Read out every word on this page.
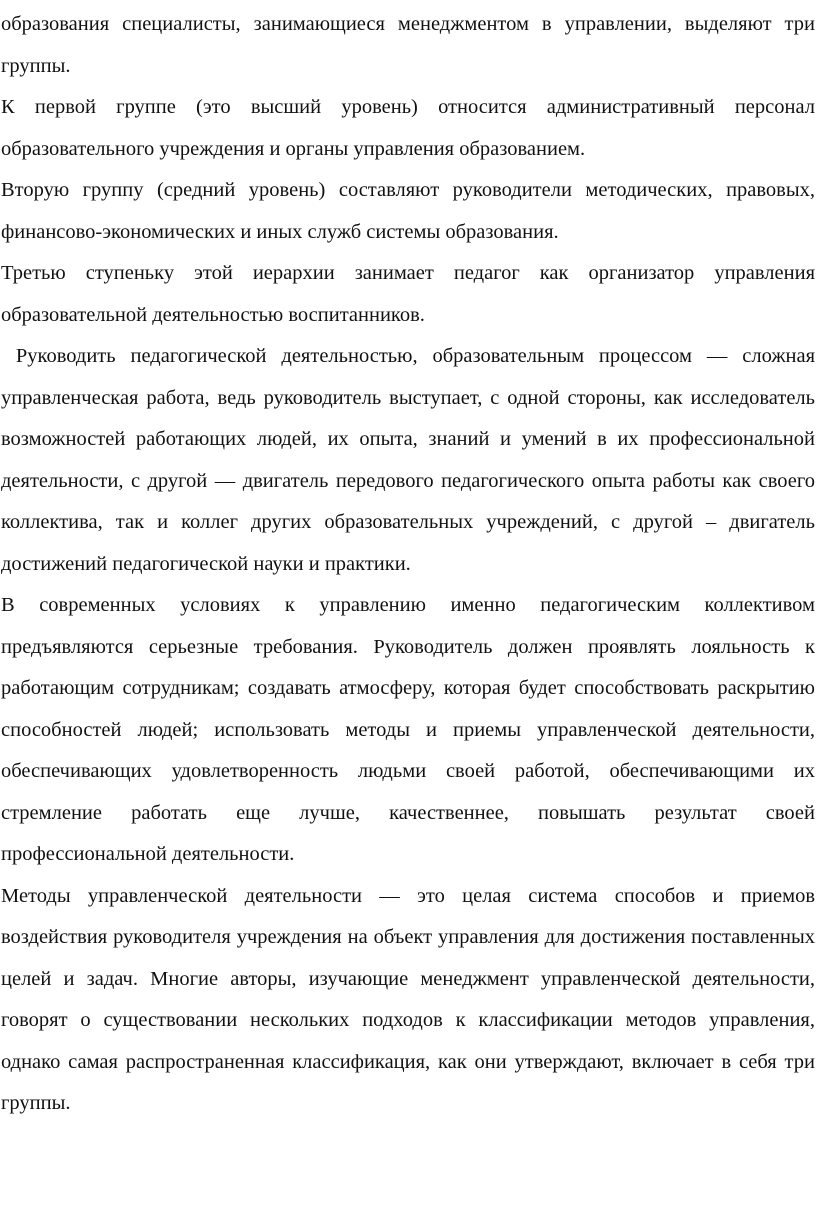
образования специалисты, занимающиеся менеджментом в управлении, выделяют три группы.

К первой группе (это высший уровень) относится административный персонал образовательного учреждения и органы управления образованием.

Вторую группу (средний уровень) составляют руководители методических, правовых, финансово-экономических и иных служб системы образования.

Третью ступеньку этой иерархии занимает педагог как организатор управления образовательной деятельностью воспитанников.

Руководить педагогической деятельностью, образовательным процессом — сложная  управленческая работа, ведь руководитель выступает, с одной стороны, как исследователь возможностей работающих людей, их опыта, знаний и умений в их профессиональной деятельности, с другой — двигатель передового педагогического опыта работы как своего коллектива, так и коллег других образовательных учреждений, с другой – двигатель достижений педагогической науки и практики.

В современных условиях к управлению именно педагогическим коллективом предъявляются серьезные требования. Руководитель должен проявлять лояльность к работающим сотрудникам; создавать атмосферу, которая будет способствовать раскрытию способностей людей; использовать методы и приемы управленческой деятельности, обеспечивающих удовлетворенность людьми своей работой, обеспечивающими их стремление работать еще лучше, качественнее, повышать результат своей профессиональной деятельности.

Методы управленческой деятельности — это целая система способов и приемов воздействия руководителя учреждения на объект управления для достижения поставленных целей и задач. Многие авторы, изучающие менеджмент управленческой деятельности, говорят о существовании нескольких подходов к классификации методов управления, однако самая распространенная классификация, как они утверждают, включает в себя три группы.
